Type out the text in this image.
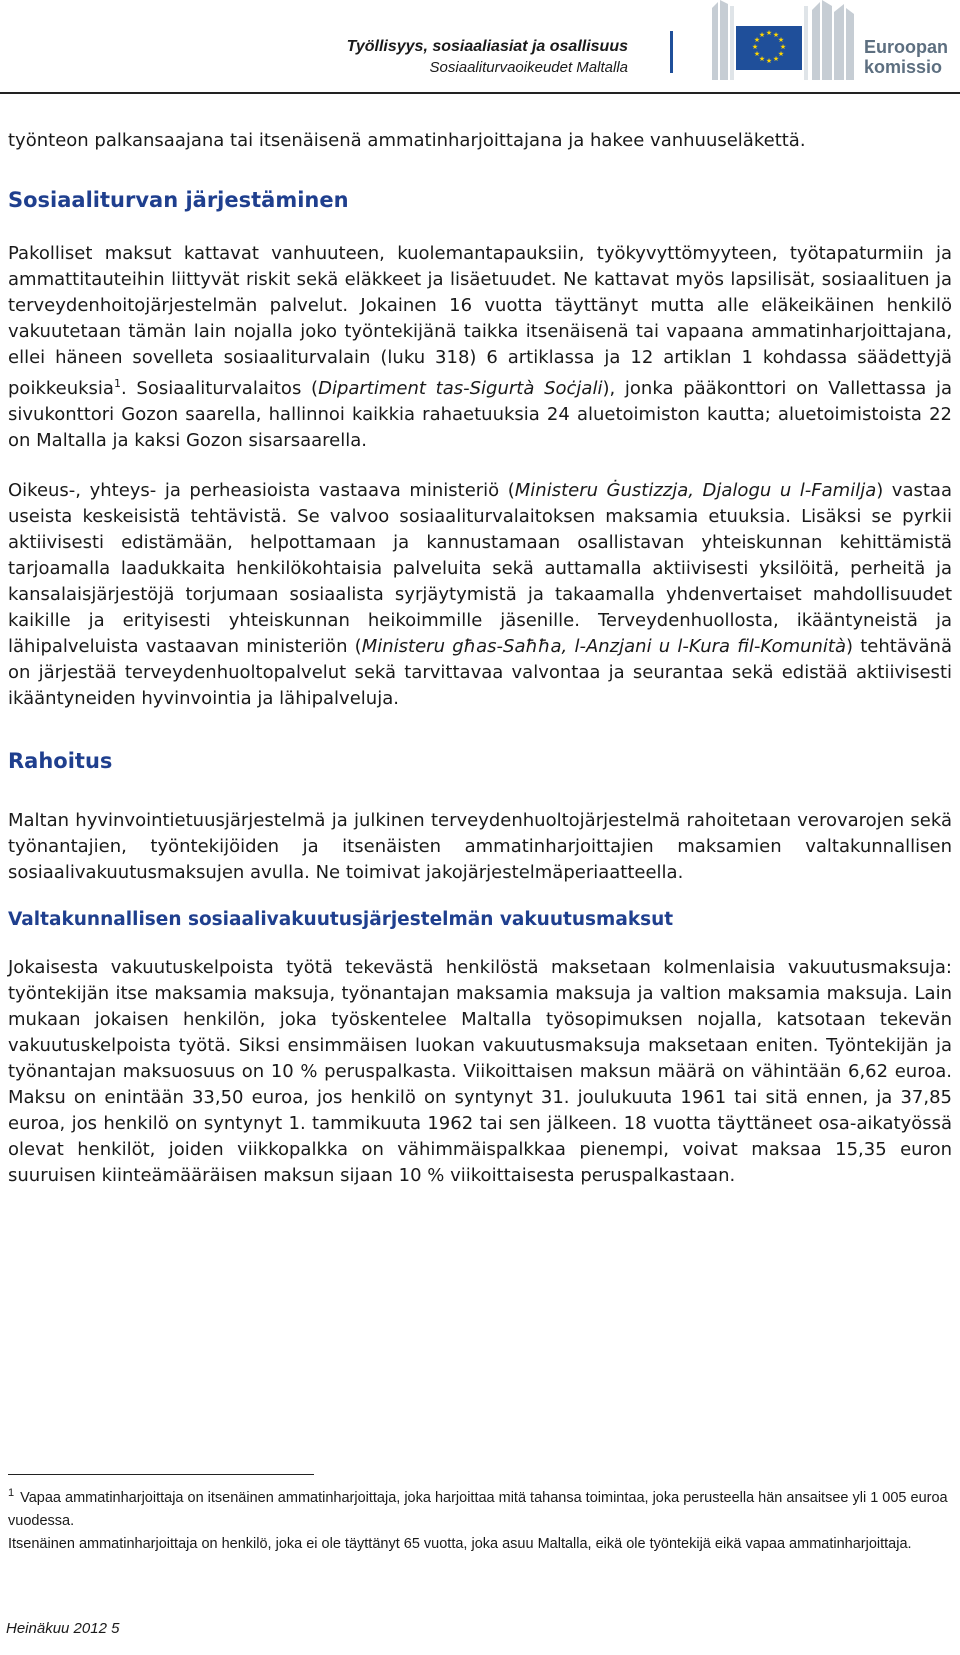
Työllisyys, sosiaaliasiat ja osallisuus
Sosiaaliturvaoikeudet Maltalla
★ ★
★
★
★
★
★
★
★
★
★
★
Euroopan
komissio

työnteon palkansaajana tai itsenäisenä ammatinharjoittajana ja hakee vanhuuseläkettä.

Sosiaaliturvan järjestäminen

Pakolliset maksut kattavat vanhuuteen, kuolemantapauksiin, työkyvyttömyyteen, työtapaturmiin ja ammattitauteihin liittyvät riskit sekä eläkkeet ja lisäetuudet. Ne kattavat myös lapsilisät, sosiaalituen ja terveydenhoitojärjestelmän palvelut. Jokainen 16 vuotta täyttänyt mutta alle eläkeikäinen henkilö vakuutetaan tämän lain nojalla joko työntekijänä taikka itsenäisenä tai vapaana ammatinharjoittajana, ellei häneen sovelleta sosiaaliturvalain (luku 318) 6 artiklassa ja 12 artiklan 1 kohdassa säädettyjä poikkeuksia$^1$. Sosiaaliturvalaitos (Dipartiment tas-Sigurtà Soċjali), jonka pääkonttori on Vallettassa ja sivukonttori Gozon saarella, hallinnoi kaikkia rahaetuuksia 24 aluetoimiston kautta; aluetoimistoista 22 on Maltalla ja kaksi Gozon sisarsaarella.

Oikeus-, yhteys- ja perheasioista vastaava ministeriö (Ministeru Ġustizzja, Djalogu u l-Familja) vastaa useista keskeisistä tehtävistä. Se valvoo sosiaaliturvalaitoksen maksamia etuuksia. Lisäksi se pyrkii aktiivisesti edistämään, helpottamaan ja kannustamaan osallistavan yhteiskunnan kehittämistä tarjoamalla laadukkaita henkilökohtaisia palveluita sekä auttamalla aktiivisesti yksilöitä, perheitä ja kansalaisjärjestöjä torjumaan sosiaalista syrjäytymistä ja takaamalla yhdenvertaiset mahdollisuudet kaikille ja erityisesti yhteiskunnan heikoimmille jäsenille. Terveydenhuollosta, ikääntyneistä ja lähipalveluista vastaavan ministeriön (Ministeru għas-Saħħa, l-Anzjani u l-Kura fil-Komunità) tehtävänä on järjestää terveydenhuoltopalvelut sekä tarvittavaa valvontaa ja seurantaa sekä edistää aktiivisesti ikääntyneiden hyvinvointia ja lähipalveluja.

Rahoitus

Maltan hyvinvointietuusjärjestelmä ja julkinen terveydenhuoltojärjestelmä rahoitetaan verovarojen sekä työnantajien, työntekijöiden ja itsenäisten ammatinharjoittajien maksamien valtakunnallisen sosiaalivakuutusmaksujen avulla. Ne toimivat jakojärjestelmäperiaatteella.

Valtakunnallisen sosiaalivakuutusjärjestelmän vakuutusmaksut

Jokaisesta vakuutuskelpoista työtä tekevästä henkilöstä maksetaan kolmenlaisia vakuutusmaksuja: työntekijän itse maksamia maksuja, työnantajan maksamia maksuja ja valtion maksamia maksuja. Lain mukaan jokaisen henkilön, joka työskentelee Maltalla työsopimuksen nojalla, katsotaan tekevän vakuutuskelpoista työtä. Siksi ensimmäisen luokan vakuutusmaksuja maksetaan eniten. Työntekijän ja työnantajan maksuosuus on 10 % peruspalkasta. Viikoittaisen maksun määrä on vähintään 6,62 euroa. Maksu on enintään 33,50 euroa, jos henkilö on syntynyt 31. joulukuuta 1961 tai sitä ennen, ja 37,85 euroa, jos henkilö on syntynyt 1. tammikuuta 1962 tai sen jälkeen. 18 vuotta täyttäneet osa-aikatyössä olevat henkilöt, joiden viikkopalkka on vähimmäispalkkaa pienempi, voivat maksaa 15,35 euron suuruisen kiinteämääräisen maksun sijaan 10 % viikoittaisesta peruspalkastaan.

$^1$ Vapaa ammatinharjoittaja on itsenäinen ammatinharjoittaja, joka harjoittaa mitä tahansa toimintaa, joka perusteella hän ansaitsee yli 1 005 euroa vuodessa.

Itsenäinen ammatinharjoittaja on henkilö, joka ei ole täyttänyt 65 vuotta, joka asuu Maltalla, eikä ole työntekijä eikä vapaa ammatinharjoittaja.

Heinäkuu 2012 5
